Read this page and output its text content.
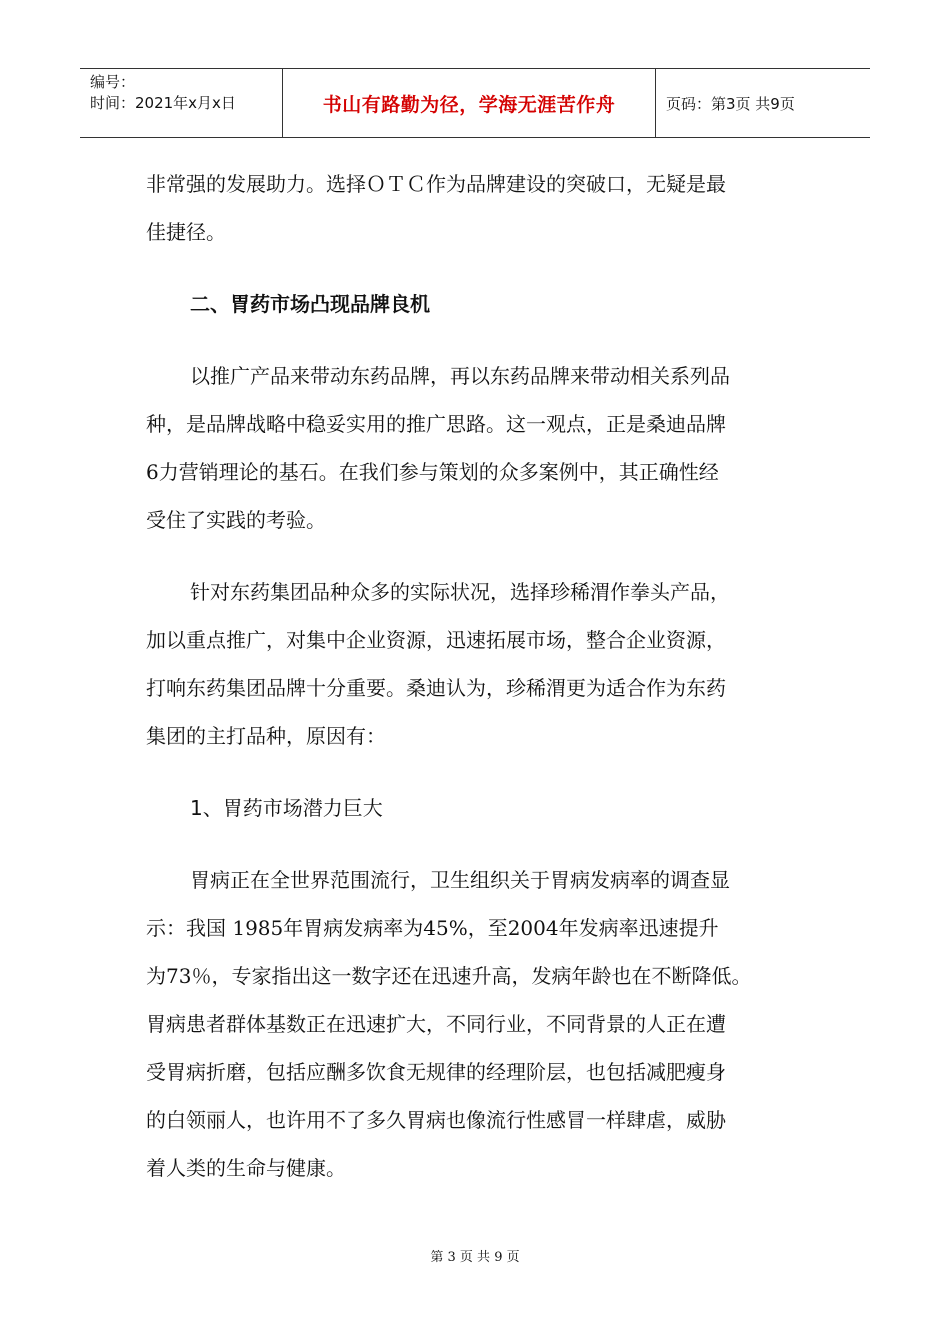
编号：
时间：2021年x月x日	书山有路勤为径，学海无涯苦作舟	页码：第3页 共9页
非常强的发展助力。选择ＯＴＣ作为品牌建设的突破口，无疑是最
佳捷径。
二、胃药市场凸现品牌良机
以推广产品来带动东药品牌，再以东药品牌来带动相关系列品
种，是品牌战略中稳妥实用的推广思路。这一观点，正是桑迪品牌
6力营销理论的基石。在我们参与策划的众多案例中，其正确性经
受住了实践的考验。
针对东药集团品种众多的实际状况，选择珍稀渭作拳头产品，
加以重点推广，对集中企业资源，迅速拓展市场，整合企业资源，
打响东药集团品牌十分重要。桑迪认为，珍稀渭更为适合作为东药
集团的主打品种，原因有：
1、胃药市场潜力巨大
胃病正在全世界范围流行，卫生组织关于胃病发病率的调查显
示：我国 1985年胃病发病率为45%，至2004年发病率迅速提升
为73％，专家指出这一数字还在迅速升高，发病年龄也在不断降低。
胃病患者群体基数正在迅速扩大，不同行业，不同背景的人正在遭
受胃病折磨，包括应酬多饮食无规律的经理阶层，也包括减肥瘦身
的白领丽人，也许用不了多久胃病也像流行性感冒一样肆虐，威胁
着人类的生命与健康。
第 3 页 共 9 页
